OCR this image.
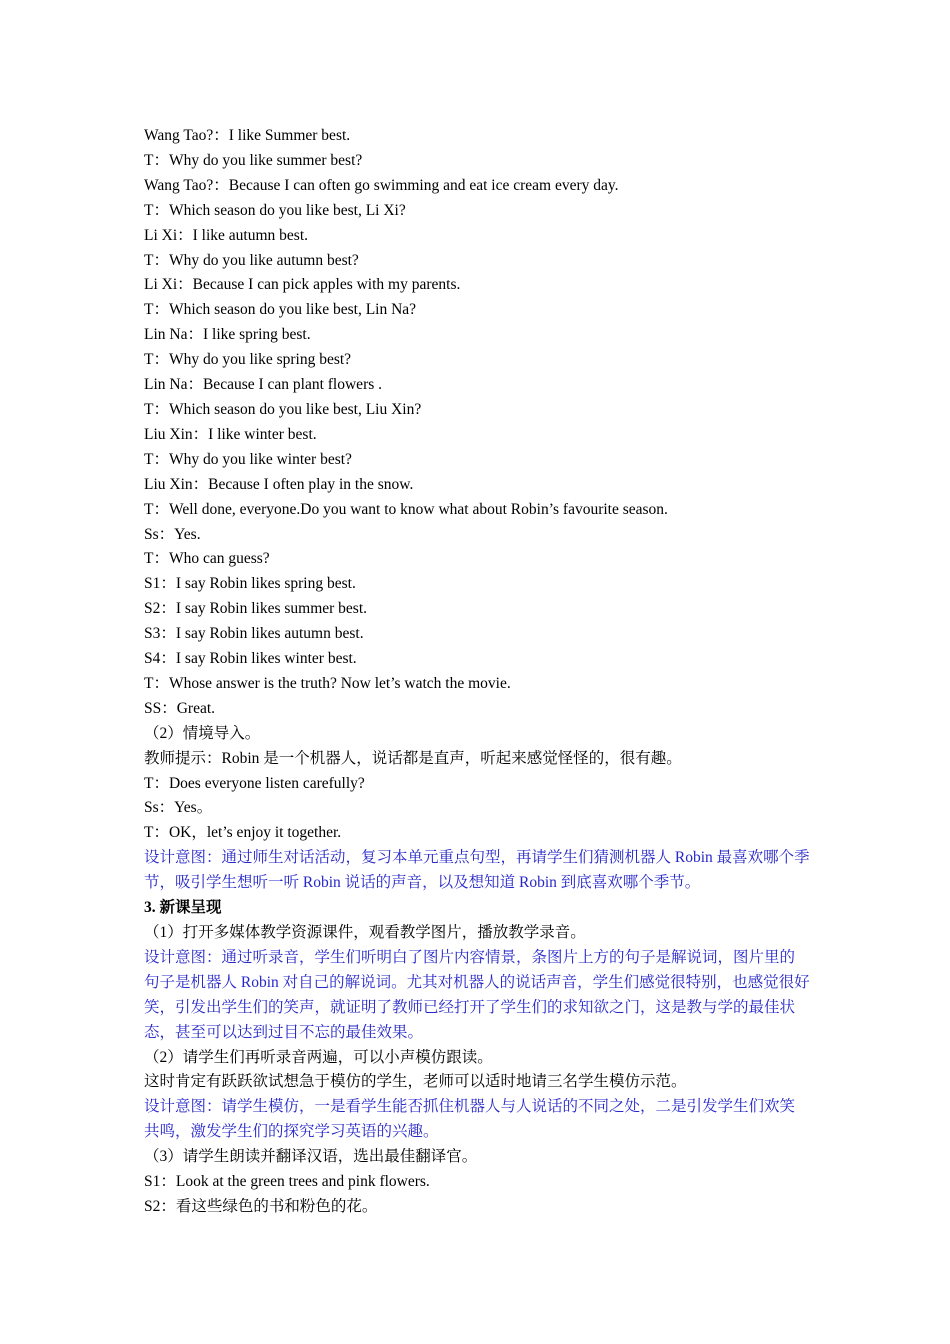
Wang Tao?：I like Summer best.

T：Why do you like summer best?

Wang Tao?：Because I can often go swimming and eat ice cream every day.

T：Which season do you like best, Li Xi?

Li Xi：I like autumn best.

T：Why do you like autumn best?

Li Xi：Because I can pick apples with my parents.

T：Which season do you like best, Lin Na?

Lin Na：I like spring best.

T：Why do you like spring best?

Lin Na：Because I can plant flowers .

T：Which season do you like best, Liu Xin?

Liu Xin：I like winter best.

T：Why do you like winter best?

Liu Xin：Because I often play in the snow.

T：Well done, everyone.Do you want to know what about Robin’s favourite season.

Ss：Yes.

T：Who can guess?

S1：I say Robin likes spring best.

S2：I say Robin likes summer best.

S3：I say Robin likes autumn best.

S4：I say Robin likes winter best.

T：Whose answer is the truth? Now let’s watch the movie.

SS：Great.

（2）情境导入。

教师提示：Robin 是一个机器人，说话都是直声，听起来感觉怪怪的，很有趣。

T：Does everyone listen carefully?

Ss：Yes。

T：OK，let’s enjoy it together.

设计意图：通过师生对话活动，复习本单元重点句型，再请学生们猜测机器人 Robin 最喜欢哪个季节，吸引学生想听一听 Robin 说话的声音，以及想知道 Robin 到底喜欢哪个季节。

3. 新课呈现

（1）打开多媒体教学资源课件，观看教学图片，播放教学录音。

设计意图：通过听录音，学生们听明白了图片内容情景，条图片上方的句子是解说词，图片里的句子是机器人 Robin 对自己的解说词。尤其对机器人的说话声音，学生们感觉很特别，也感觉很好笑，引发出学生们的笑声，就证明了教师已经打开了学生们的求知欲之门，这是教与学的最佳状态，甚至可以达到过目不忘的最佳效果。

（2）请学生们再听录音两遍，可以小声模仿跟读。

这时肯定有跃跃欲试想急于模仿的学生，老师可以适时地请三名学生模仿示范。

设计意图：请学生模仿，一是看学生能否抓住机器人与人说话的不同之处，二是引发学生们欢笑共鸣，激发学生们的探究学习英语的兴趣。

（3）请学生朗读并翻译汉语，选出最佳翻译官。

S1：Look at the green trees and pink flowers.

S2：看这些绿色的书和粉色的花。
